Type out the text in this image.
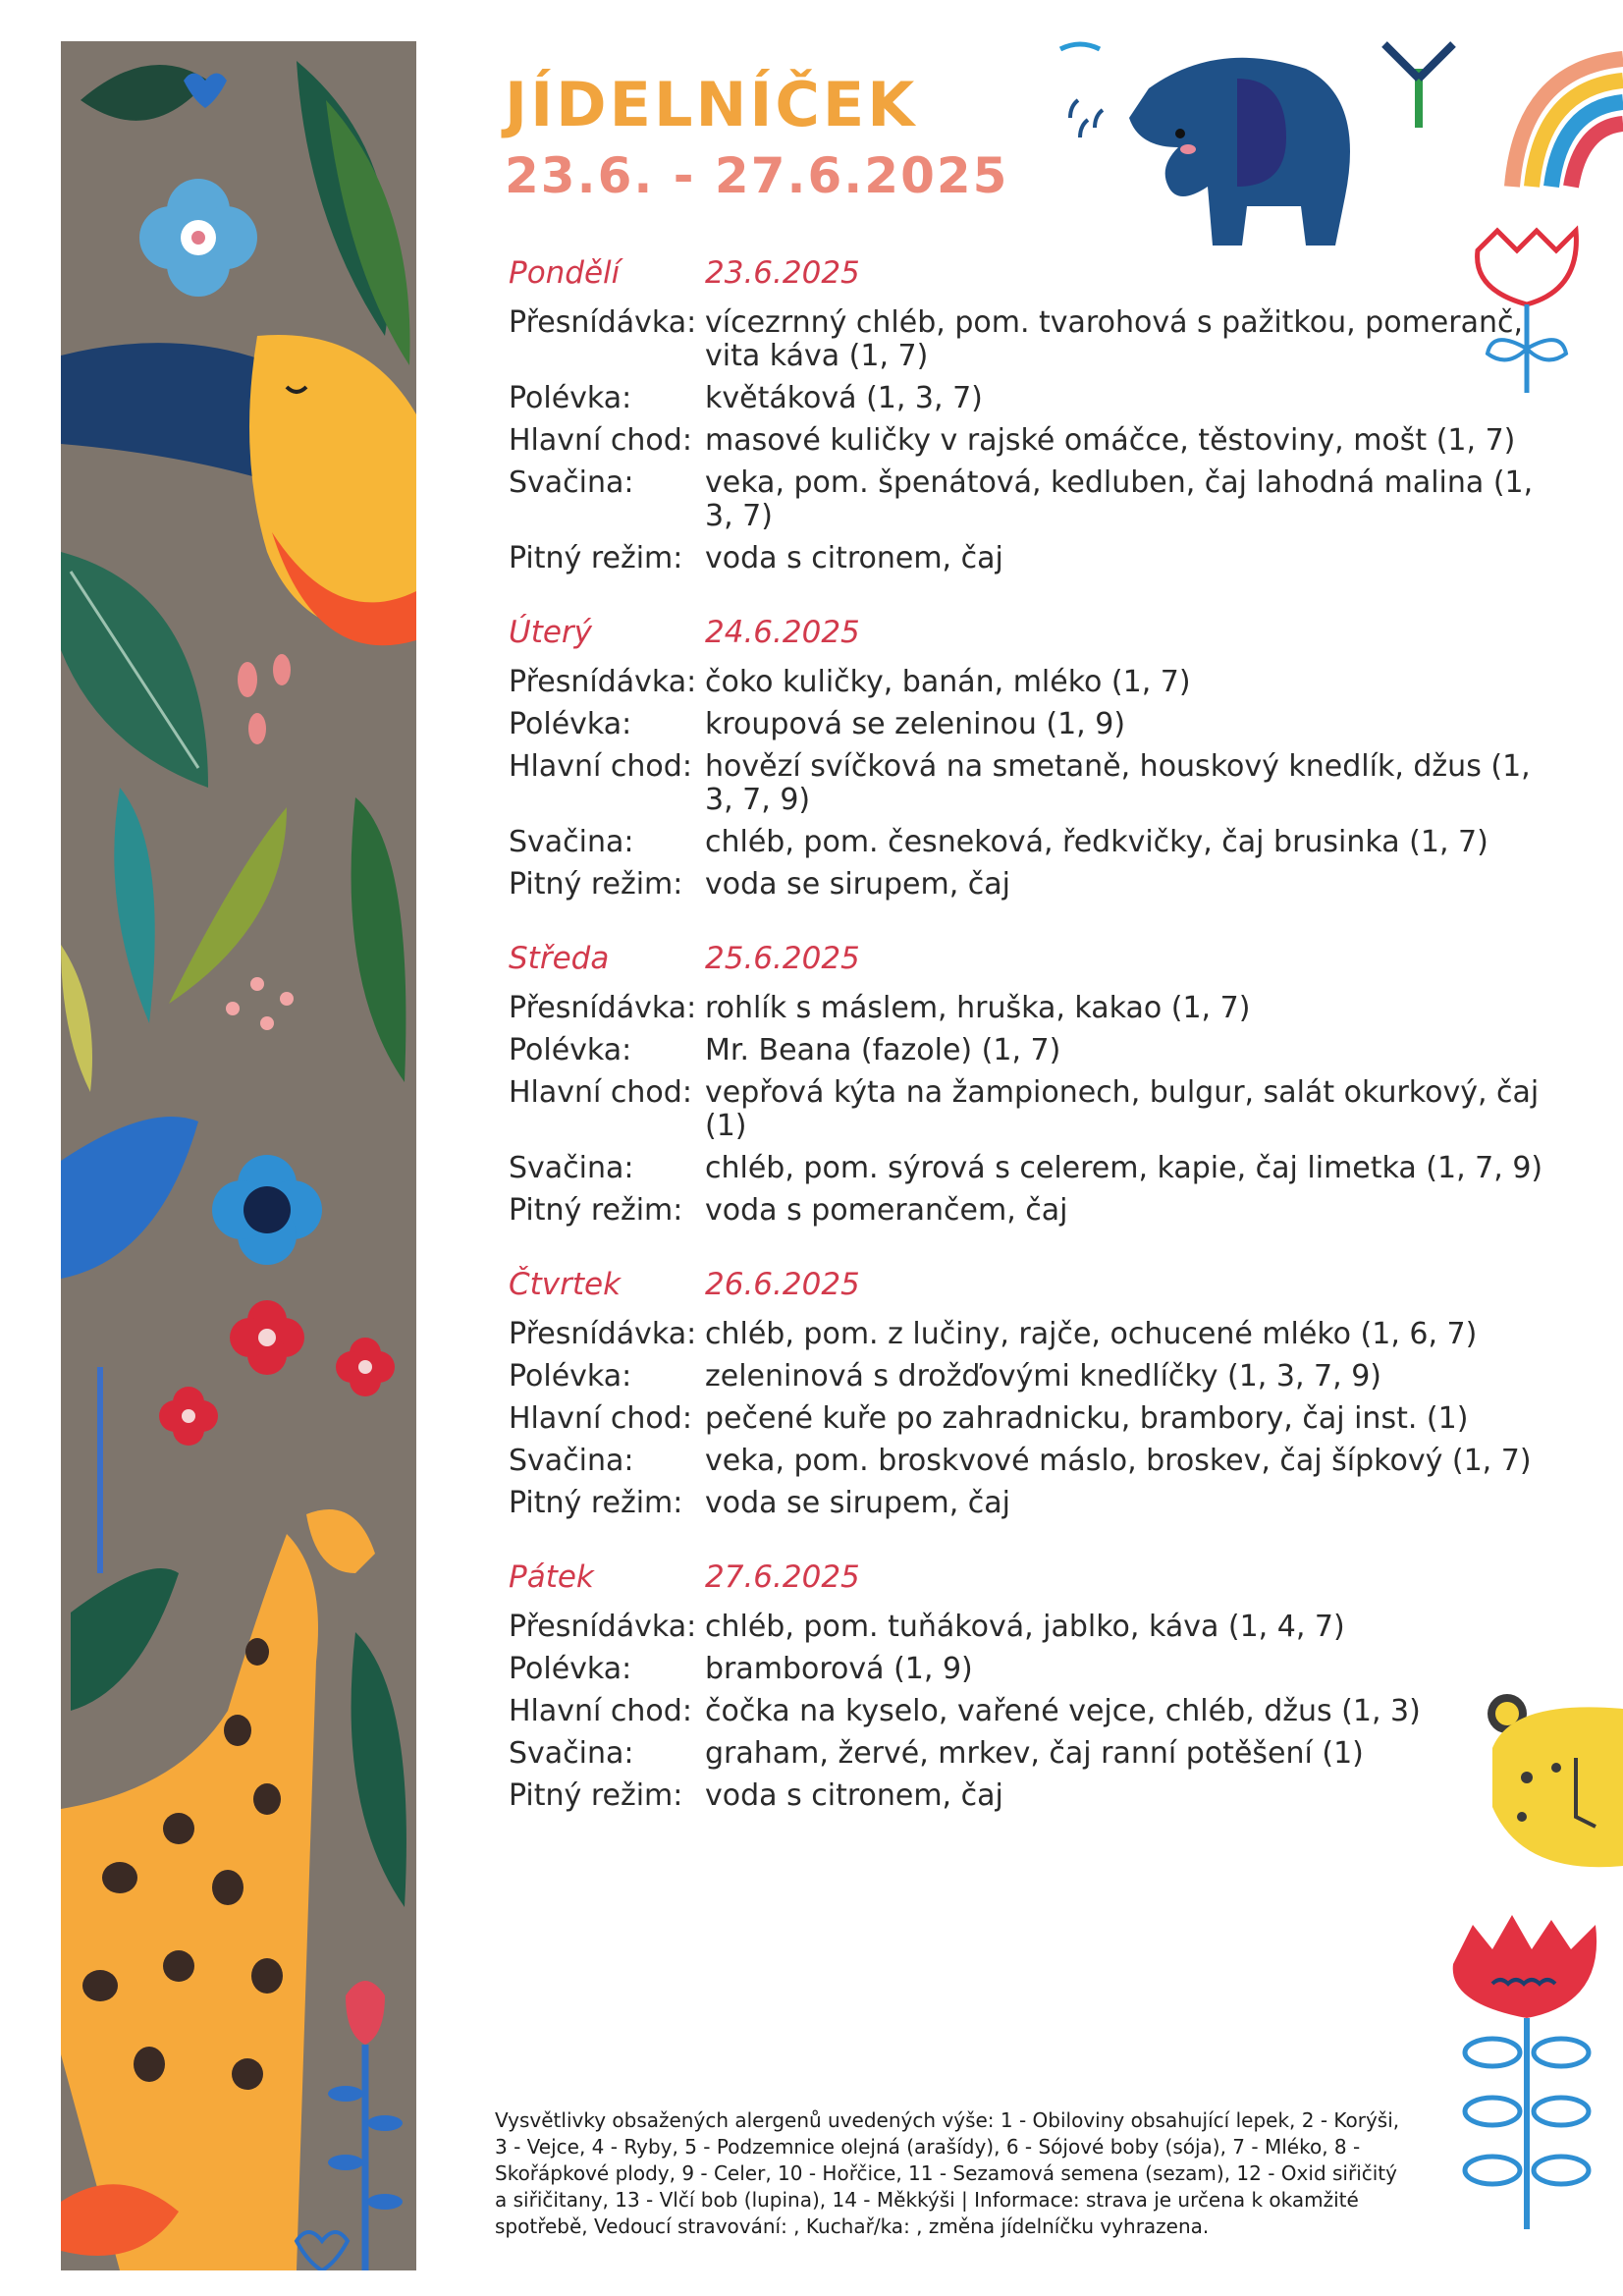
JÍDELNÍČEK
23.6. - 27.6.2025
Pondělí	23.6.2025
Přesnídávka: vícezrnný chléb, pom. tvarohová s pažitkou, pomeranč, vita káva (1, 7)
Polévka:	květáková (1, 3, 7)
Hlavní chod: masové kuličky v rajské omáčce, těstoviny, mošt (1, 7)
Svačina:	veka, pom. špenátová, kedluben, čaj lahodná malina (1, 3, 7)
Pitný režim: voda s citronem, čaj
Úterý	24.6.2025
Přesnídávka: čoko kuličky, banán, mléko (1, 7)
Polévka:	kroupová se zeleninou (1, 9)
Hlavní chod: hovězí svíčková na smetaně, houskový knedlík, džus (1, 3, 7, 9)
Svačina:	chléb, pom. česneková, ředkvičky, čaj brusinka (1, 7)
Pitný režim: voda se sirupem, čaj
Středa	25.6.2025
Přesnídávka: rohlík s máslem, hruška, kakao (1, 7)
Polévka:	Mr. Beana (fazole) (1, 7)
Hlavní chod: vepřová kýta na žampionech, bulgur, salát okurkový, čaj (1)
Svačina:	chléb, pom. sýrová s celerem, kapie, čaj limetka (1, 7, 9)
Pitný režim: voda s pomerančem, čaj
Čtvrtek	26.6.2025
Přesnídávka: chléb, pom. z lučiny, rajče, ochucené mléko (1, 6, 7)
Polévka:	zeleninová s drožďovými knedlíčky (1, 3, 7, 9)
Hlavní chod: pečené kuře po zahradnicku, brambory, čaj inst. (1)
Svačina:	veka, pom. broskvové máslo, broskev, čaj šípkový (1, 7)
Pitný režim: voda se sirupem, čaj
Pátek	27.6.2025
Přesnídávka: chléb, pom. tuňáková, jablko, káva (1, 4, 7)
Polévka:	bramborová (1, 9)
Hlavní chod: čočka na kyselo, vařené vejce, chléb, džus (1, 3)
Svačina:	graham, žervé, mrkev, čaj ranní potěšení (1)
Pitný režim: voda s citronem, čaj
Vysvětlivky obsažených alergenů uvedených výše: 1 - Obiloviny obsahující lepek, 2 - Korýši, 3 - Vejce, 4 - Ryby, 5 - Podzemnice olejná (arašídy), 6 - Sójové boby (sója), 7 - Mléko, 8 - Skořápkové plody, 9 - Celer, 10 - Hořčice, 11 - Sezamová semena (sezam), 12 - Oxid siřičitý a siřičitany, 13 - Vlčí bob (lupina), 14 - Měkkýši | Informace: strava je určena k okamžité spotřebě, Vedoucí stravování: , Kuchař/ka: , změna jídelníčku vyhrazena.
